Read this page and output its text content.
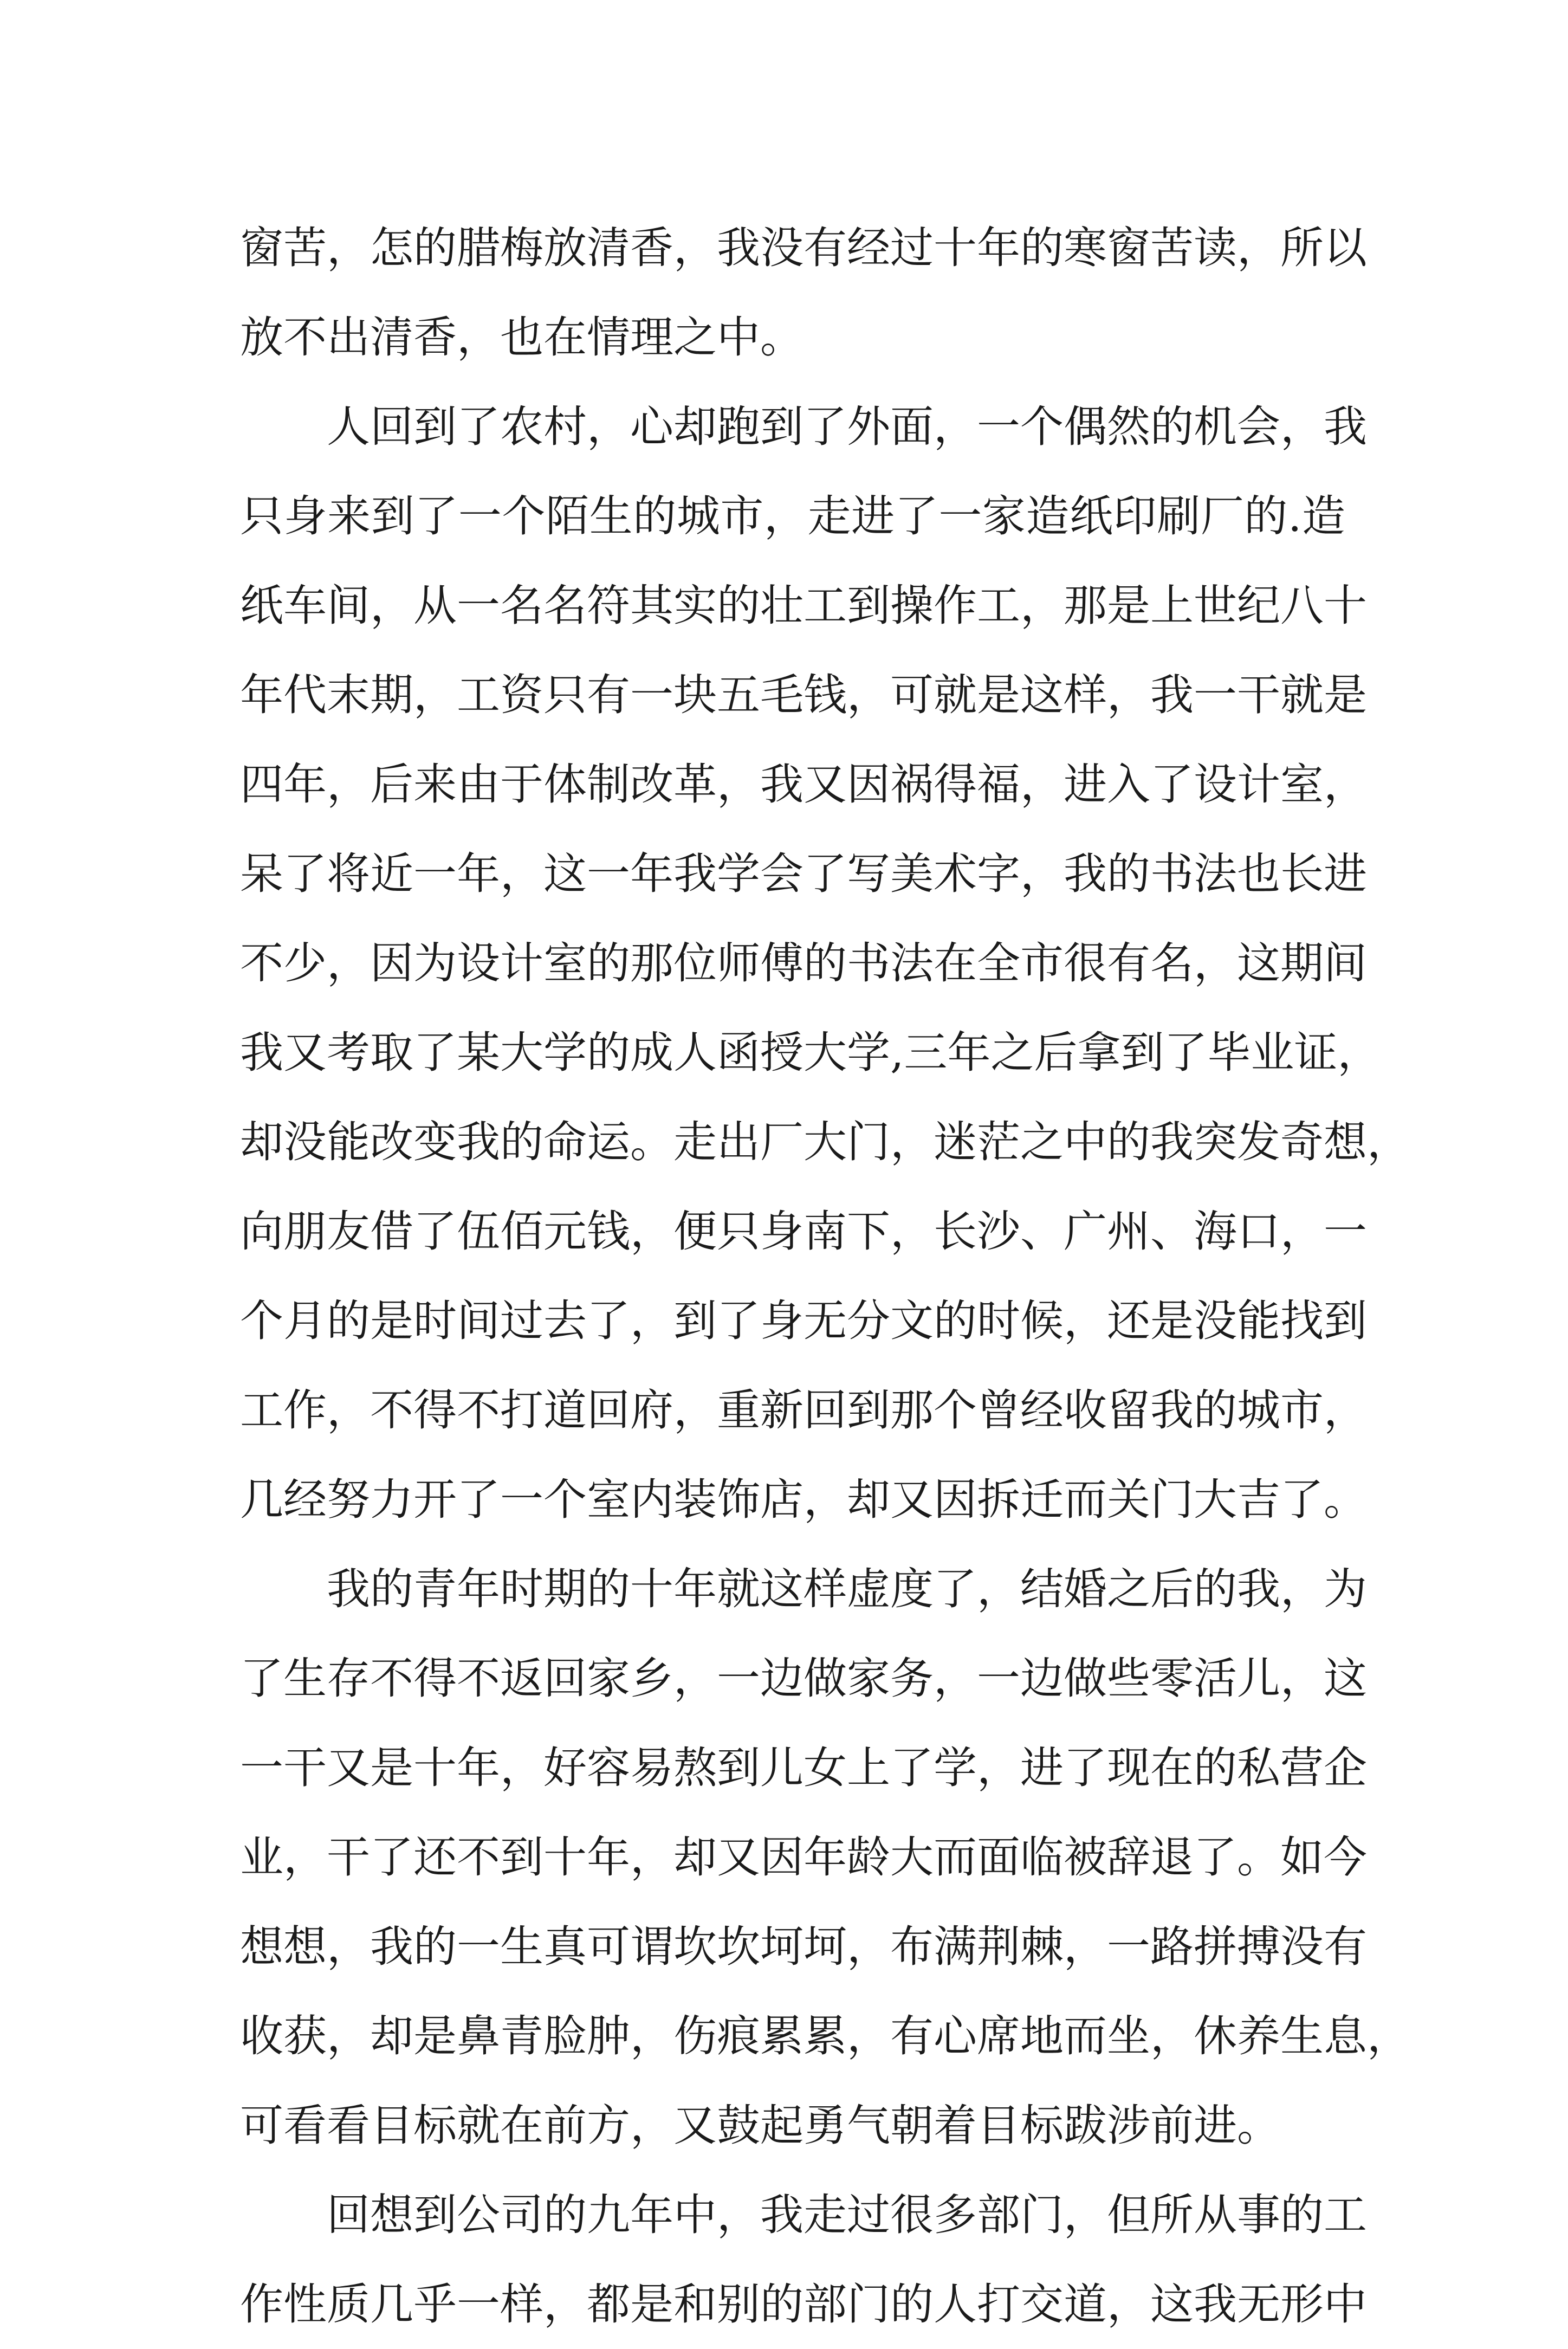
窗苦，怎的腊梅放清香，我没有经过十年的寒窗苦读，所以
放不出清香，也在情理之中。
人回到了农村，心却跑到了外面，一个偶然的机会，我
只身来到了一个陌生的城市，走进了一家造纸印刷厂的.造
纸车间，从一名名符其实的壮工到操作工，那是上世纪八十
年代末期，工资只有一块五毛钱，可就是这样，我一干就是
四年，后来由于体制改革，我又因祸得福，进入了设计室，
呆了将近一年，这一年我学会了写美术字，我的书法也长进
不少，因为设计室的那位师傅的书法在全市很有名，这期间
我又考取了某大学的成人函授大学,三年之后拿到了毕业证，
却没能改变我的命运。走出厂大门，迷茫之中的我突发奇想，
向朋友借了伍佰元钱，便只身南下，长沙、广州、海口，一
个月的是时间过去了，到了身无分文的时候，还是没能找到
工作，不得不打道回府，重新回到那个曾经收留我的城市，
几经努力开了一个室内装饰店，却又因拆迁而关门大吉了。
我的青年时期的十年就这样虚度了，结婚之后的我，为
了生存不得不返回家乡，一边做家务，一边做些零活儿，这
一干又是十年，好容易熬到儿女上了学，进了现在的私营企
业，干了还不到十年，却又因年龄大而面临被辞退了。如今
想想，我的一生真可谓坎坎坷坷，布满荆棘，一路拼搏没有
收获，却是鼻青脸肿，伤痕累累，有心席地而坐，休养生息，
可看看目标就在前方，又鼓起勇气朝着目标跋涉前进。
回想到公司的九年中，我走过很多部门，但所从事的工
作性质几乎一样，都是和别的部门的人打交道，这我无形中
